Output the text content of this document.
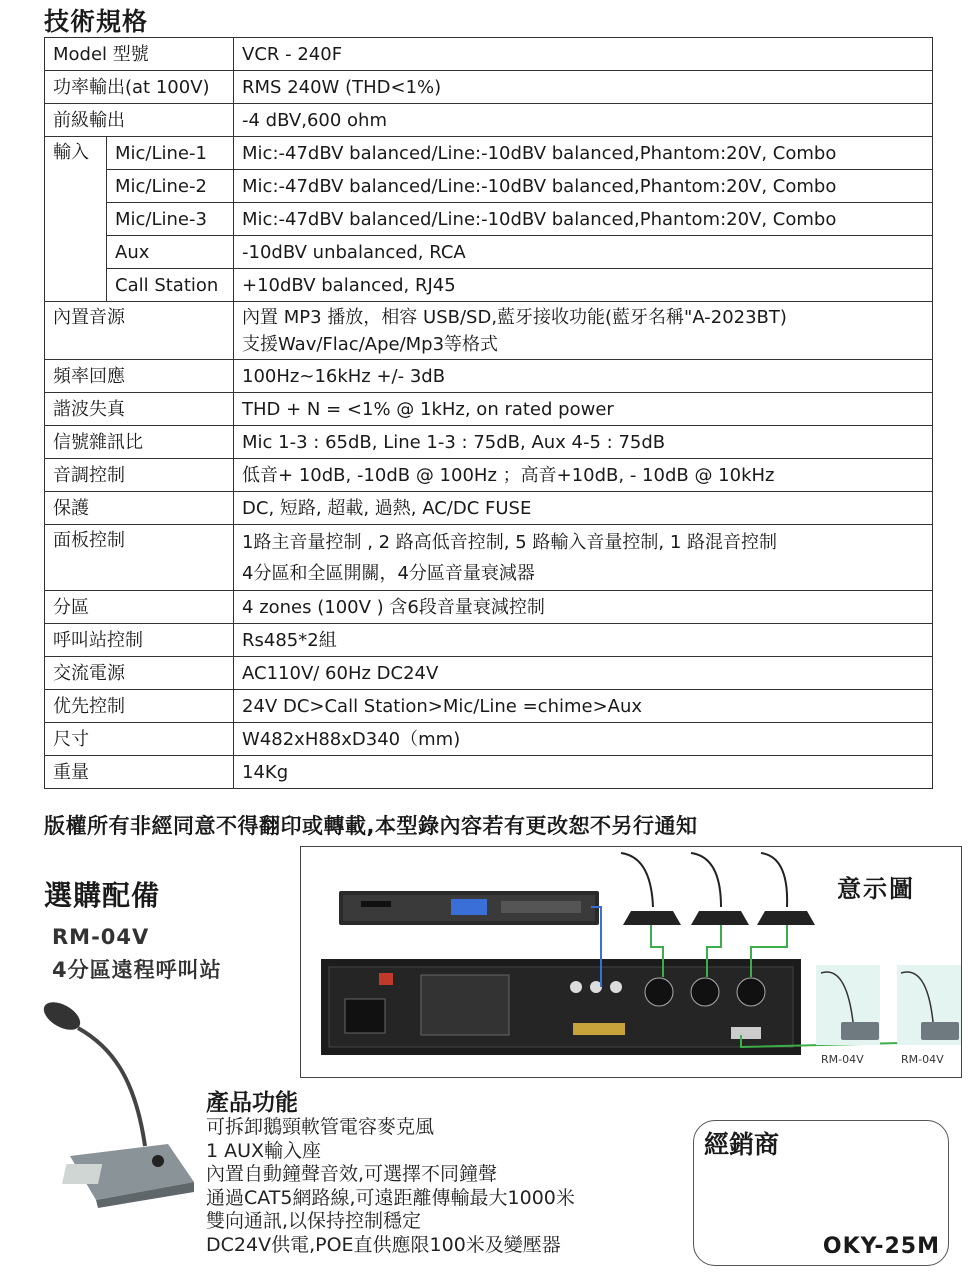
技術規格
Model 型號		VCR - 240F
功率輸出(at 100V)		RMS 240W (THD<1%)
前級輸出		-4 dBV,600 ohm
輸入	Mic/Line-1	Mic:-47dBV balanced/Line:-10dBV balanced,Phantom:20V, Combo
	Mic/Line-2	Mic:-47dBV balanced/Line:-10dBV balanced,Phantom:20V, Combo
	Mic/Line-3	Mic:-47dBV balanced/Line:-10dBV balanced,Phantom:20V, Combo
	Aux	-10dBV unbalanced, RCA
	Call Station	+10dBV balanced, RJ45
內置音源		內置 MP3 播放，相容 USB/SD,藍牙接收功能(藍牙名稱"A-2023BT)
支援Wav/Flac/Ape/Mp3等格式

頻率回應		100Hz~16kHz +/- 3dB
諧波失真		THD + N = <1% @ 1kHz, on rated power
信號雜訊比		Mic 1-3 : 65dB, Line 1-3 : 75dB, Aux 4-5 : 75dB
音調控制		低音+ 10dB, -10dB @ 100Hz ；高音+10dB, - 10dB @ 10kHz
保護		DC, 短路, 超載, 過熱, AC/DC FUSE
面板控制		1路主音量控制 , 2 路高低音控制, 5 路輸入音量控制, 1 路混音控制
4分區和全區開關，4分區音量衰減器

分區		4 zones (100V ) 含6段音量衰減控制
呼叫站控制		Rs485*2組
交流電源		AC110V/ 60Hz DC24V
优先控制		24V DC>Call Station>Mic/Line =chime>Aux
尺寸		W482xH88xD340（mm)
重量		14Kg
版權所有非經同意不得翻印或轉載,本型錄內容若有更改恕不另行通知
選購配備
RM-04V
4分區遠程呼叫站
意示圖
RM-04V	RM-04V
產品功能
可拆卸鵝頸軟管電容麥克風
1 AUX輸入座
內置自動鐘聲音效,可選擇不同鐘聲
通過CAT5網路線,可遠距離傳輸最大1000米
雙向通訊,以保持控制穩定
DC24V供電,POE直供應限100米及變壓器
經銷商
OKY-25M
